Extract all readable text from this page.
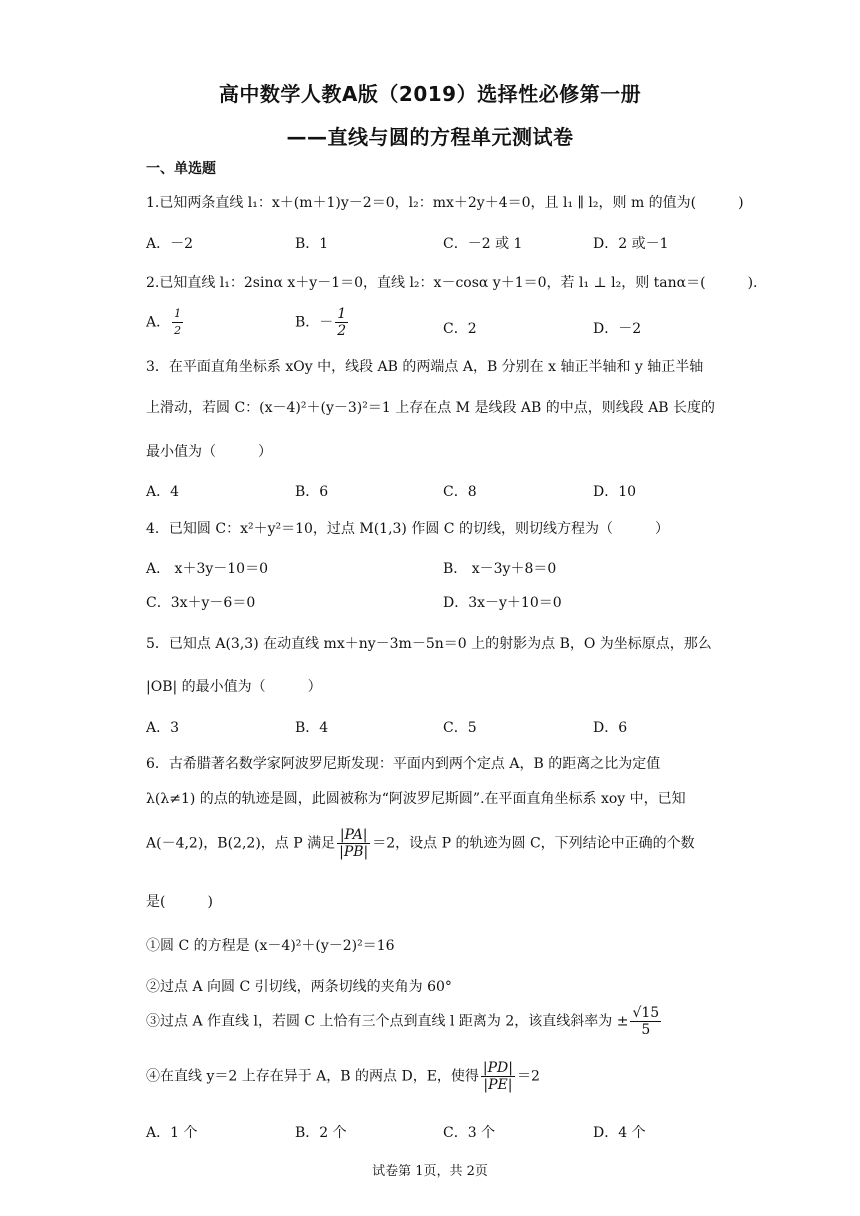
高中数学人教A版（2019）选择性必修第一册
——直线与圆的方程单元测试卷
一、单选题
1.已知两条直线 l₁：x＋(m＋1)y－2＝0，l₂：mx＋2y＋4＝0，且 l₁ ∥ l₂，则 m 的值为(　　　)
A．－2	B．1	C．－2 或 1	D．2 或－1
2.已知直线 l₁：2sinα x＋y－1＝0，直线 l₂：x－cosα y＋1＝0，若 l₁ ⊥ l₂，则 tanα＝(　　　).
A． $\frac{1}{2}$	B．－ $\frac{1}{2}$	C．2	D．－2
3．在平面直角坐标系 xOy 中，线段 AB 的两端点 A，B 分别在 x 轴正半轴和 y 轴正半轴
上滑动，若圆 C：(x－4)²＋(y－3)²＝1 上存在点 M 是线段 AB 的中点，则线段 AB 长度的
最小值为（　　　）
A．4	B．6	C．8	D．10
4．已知圆 C：x²＋y²＝10，过点 M(1,3) 作圆 C 的切线，则切线方程为（　　　）
A． x＋3y－10＝0	B． x－3y＋8＝0
C．3x＋y－6＝0	D．3x－y＋10＝0
5．已知点 A(3,3) 在动直线 mx＋ny－3m－5n＝0 上的射影为点 B，O 为坐标原点，那么
|OB| 的最小值为（　　　）
A．3	B．4	C．5	D．6
6．古希腊著名数学家阿波罗尼斯发现：平面内到两个定点 A，B 的距离之比为定值
λ(λ≠1) 的点的轨迹是圆，此圆被称为“阿波罗尼斯圆”.在平面直角坐标系 xoy 中，已知
A(－4,2)，B(2,2)，点 P 满足 $\frac{|PA|}{|PB|} =2$，设点 P 的轨迹为圆 C，下列结论中正确的个数
是(　　　)
①圆 C 的方程是 (x－4)²＋(y－2)²＝16
②过点 A 向圆 C 引切线，两条切线的夹角为 60°
③过点 A 作直线 l，若圆 C 上恰有三个点到直线 l 距离为 2，该直线斜率为 ± $\frac{√15}{5}$
④在直线 y＝2 上存在异于 A，B 的两点 D，E，使得 $\frac{|PD|}{|PE|} =2$
A．1 个	B．2 个	C．3 个	D．4 个
试卷第 1页，共 2页
